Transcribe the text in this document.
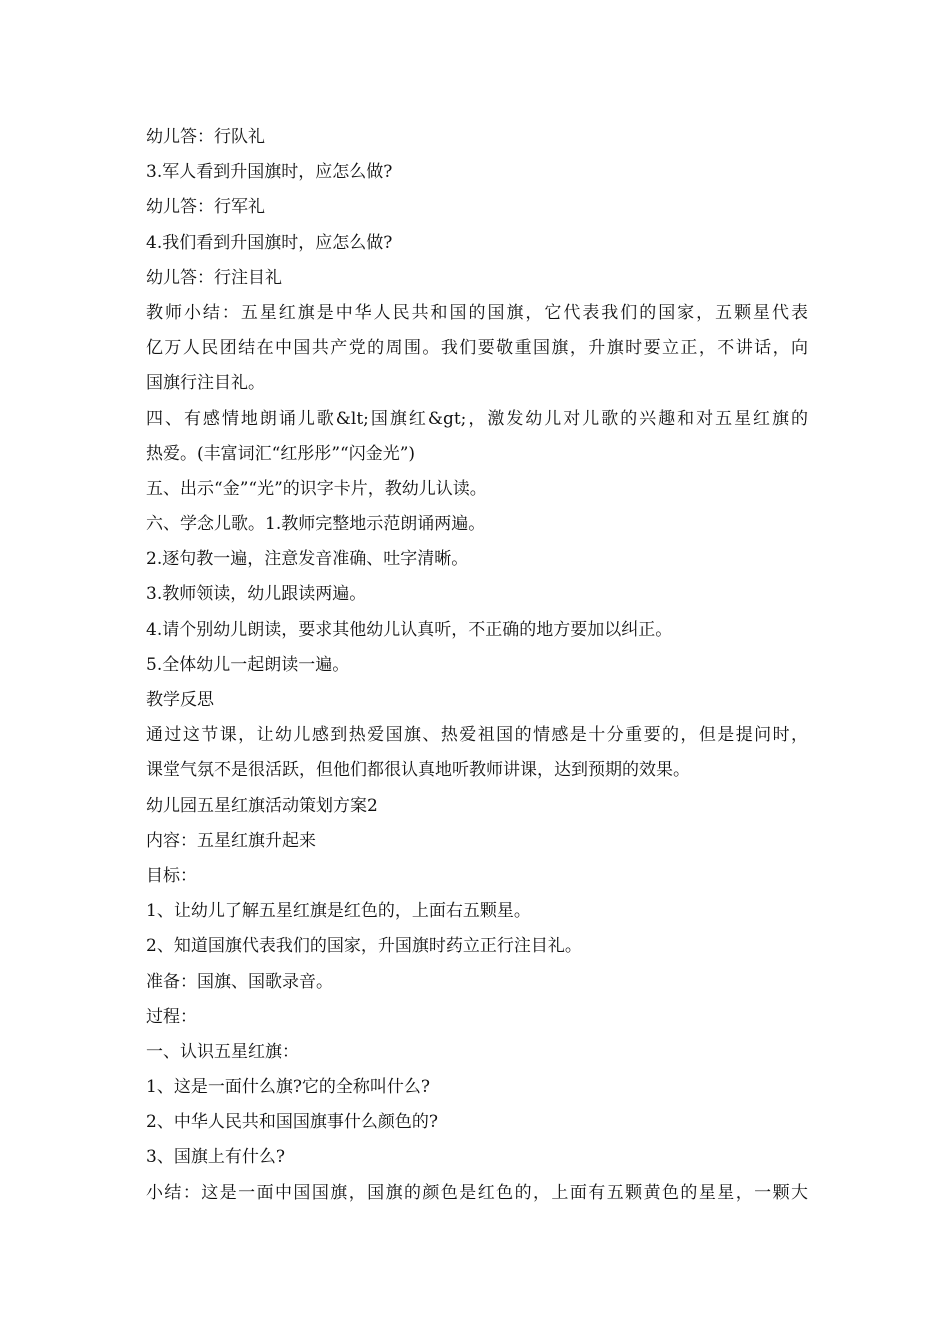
幼儿答：行队礼
3.军人看到升国旗时，应怎么做?
幼儿答：行军礼
4.我们看到升国旗时，应怎么做?
幼儿答：行注目礼
教师小结：五星红旗是中华人民共和国的国旗，它代表我们的国家，五颗星代表
亿万人民团结在中国共产党的周围。我们要敬重国旗，升旗时要立正，不讲话，向
国旗行注目礼。
四、有感情地朗诵儿歌&lt;国旗红&gt;，激发幼儿对儿歌的兴趣和对五星红旗的
热爱。(丰富词汇“红彤彤”“闪金光”)
五、出示“金”“光”的识字卡片，教幼儿认读。
六、学念儿歌。1.教师完整地示范朗诵两遍。
2.逐句教一遍，注意发音准确、吐字清晰。
3.教师领读，幼儿跟读两遍。
4.请个别幼儿朗读，要求其他幼儿认真听，不正确的地方要加以纠正。
5.全体幼儿一起朗读一遍。
教学反思
通过这节课，让幼儿感到热爱国旗、热爱祖国的情感是十分重要的，但是提问时，
课堂气氛不是很活跃，但他们都很认真地听教师讲课，达到预期的效果。
幼儿园五星红旗活动策划方案2
内容：五星红旗升起来
目标：
1、让幼儿了解五星红旗是红色的，上面右五颗星。
2、知道国旗代表我们的国家，升国旗时药立正行注目礼。
准备：国旗、国歌录音。
过程：
一、认识五星红旗：
1、这是一面什么旗?它的全称叫什么?
2、中华人民共和国国旗事什么颜色的?
3、国旗上有什么?
小结：这是一面中国国旗，国旗的颜色是红色的，上面有五颗黄色的星星，一颗大
